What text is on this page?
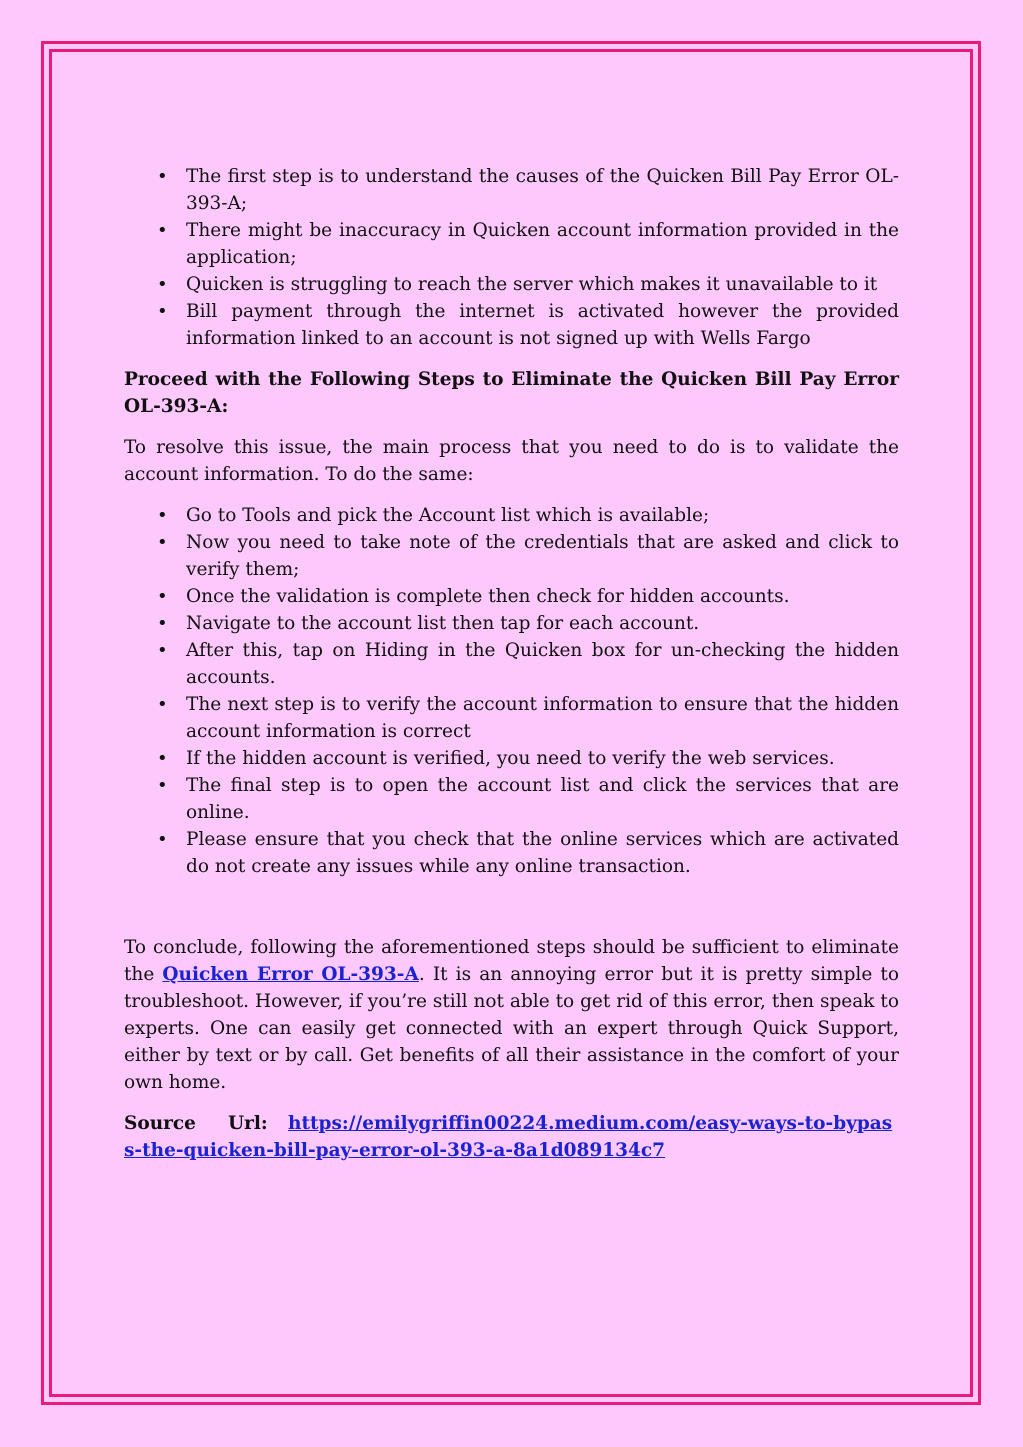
• The first step is to understand the causes of the Quicken Bill Pay Error OL-393-A;
• There might be inaccuracy in Quicken account information provided in the application;
• Quicken is struggling to reach the server which makes it unavailable to it
• Bill payment through the internet is activated however the provided information linked to an account is not signed up with Wells Fargo

Proceed with the Following Steps to Eliminate the Quicken Bill Pay Error OL-393-A:

To resolve this issue, the main process that you need to do is to validate the account information. To do the same:

• Go to Tools and pick the Account list which is available;
• Now you need to take note of the credentials that are asked and click to verify them;
• Once the validation is complete then check for hidden accounts.
• Navigate to the account list then tap for each account.
• After this, tap on Hiding in the Quicken box for un-checking the hidden accounts.
• The next step is to verify the account information to ensure that the hidden account information is correct
• If the hidden account is verified, you need to verify the web services.
• The final step is to open the account list and click the services that are online.
• Please ensure that you check that the online services which are activated do not create any issues while any online transaction.

To conclude, following the aforementioned steps should be sufficient to eliminate the Quicken Error OL-393-A. It is an annoying error but it is pretty simple to troubleshoot. However, if you’re still not able to get rid of this error, then speak to experts. One can easily get connected with an expert through Quick Support, either by text or by call. Get benefits of all their assistance in the comfort of your own home.

Source Url: https://emilygriffin00224.medium.com/easy-ways-to-bypass-the-quicken-bill-pay-error-ol-393-a-8a1d089134c7
